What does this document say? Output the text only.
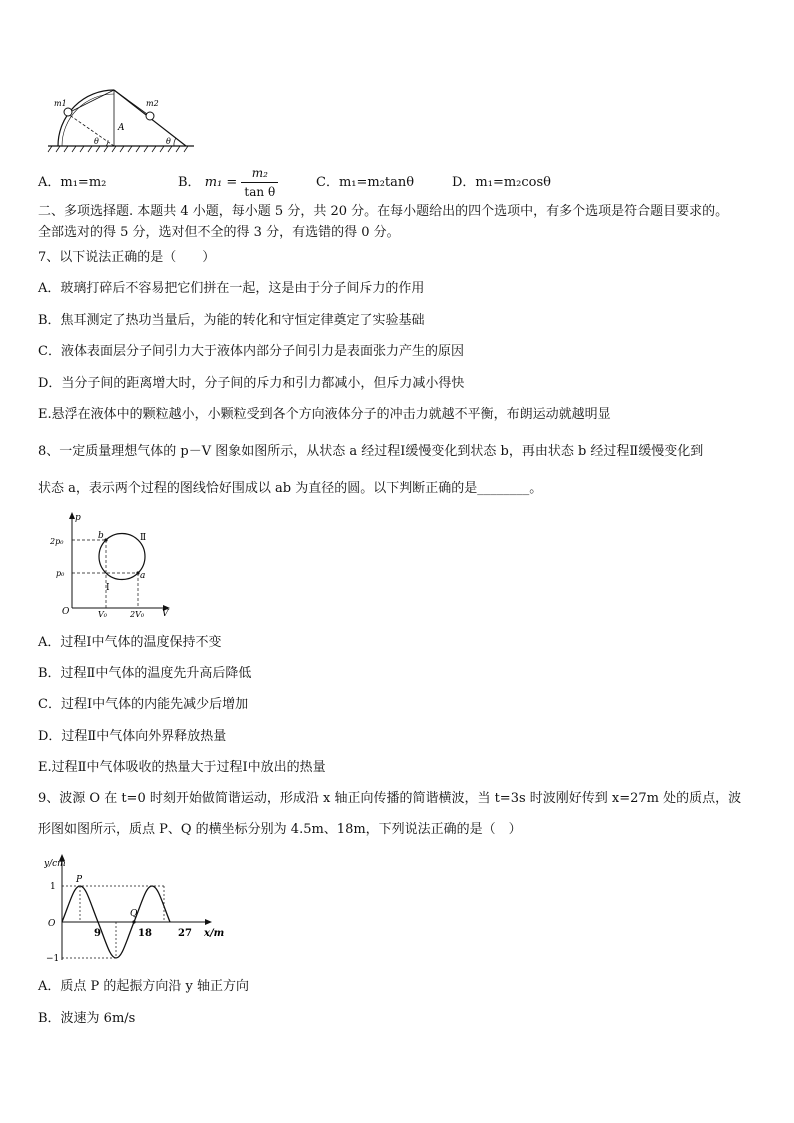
m1	m2
A
θ	θ
A．m₁=m₂	B． $m_1 = \frac{\text{m₂}}{\text{tan θ}}$	C．m₁=m₂tanθ	D．m₁=m₂cosθ
二、多项选择题. 本题共 4 小题，每小题 5 分，共 20 分。在每小题给出的四个选项中，有多个选项是符合题目要求的。
全部选对的得 5 分，选对但不全的得 3 分，有选错的得 0 分。
7、以下说法正确的是（　　）
A．玻璃打碎后不容易把它们拼在一起，这是由于分子间斥力的作用
B．焦耳测定了热功当量后，为能的转化和守恒定律奠定了实验基础
C．液体表面层分子间引力大于液体内部分子间引力是表面张力产生的原因
D．当分子间的距离增大时，分子间的斥力和引力都减小，但斥力减小得快
E.悬浮在液体中的颗粒越小，小颗粒受到各个方向液体分子的冲击力就越不平衡，布朗运动就越明显
8、一定质量理想气体的 p－V 图象如图所示，从状态 a 经过程Ⅰ缓慢变化到状态 b，再由状态 b 经过程Ⅱ缓慢变化到
状态 a，表示两个过程的图线恰好围成以 ab 为直径的圆。以下判断正确的是________。
p
V
O
2p₀
p₀
V₀	2V₀
b
a
Ⅱ
Ⅰ
A．过程Ⅰ中气体的温度保持不变
B．过程Ⅱ中气体的温度先升高后降低
C．过程Ⅰ中气体的内能先减少后增加
D．过程Ⅱ中气体向外界释放热量
E.过程Ⅱ中气体吸收的热量大于过程Ⅰ中放出的热量
9、波源 O 在 t=0 时刻开始做简谐运动，形成沿 x 轴正向传播的简谐横波，当 t=3s 时波刚好传到 x=27m 处的质点，波
形图如图所示，质点 P、Q 的横坐标分别为 4.5m、18m，下列说法正确的是（　）
y/cm
x/m
1
−1
O
P
Q
9	18	27
A．质点 P 的起振方向沿 y 轴正方向
B．波速为 6m/s
